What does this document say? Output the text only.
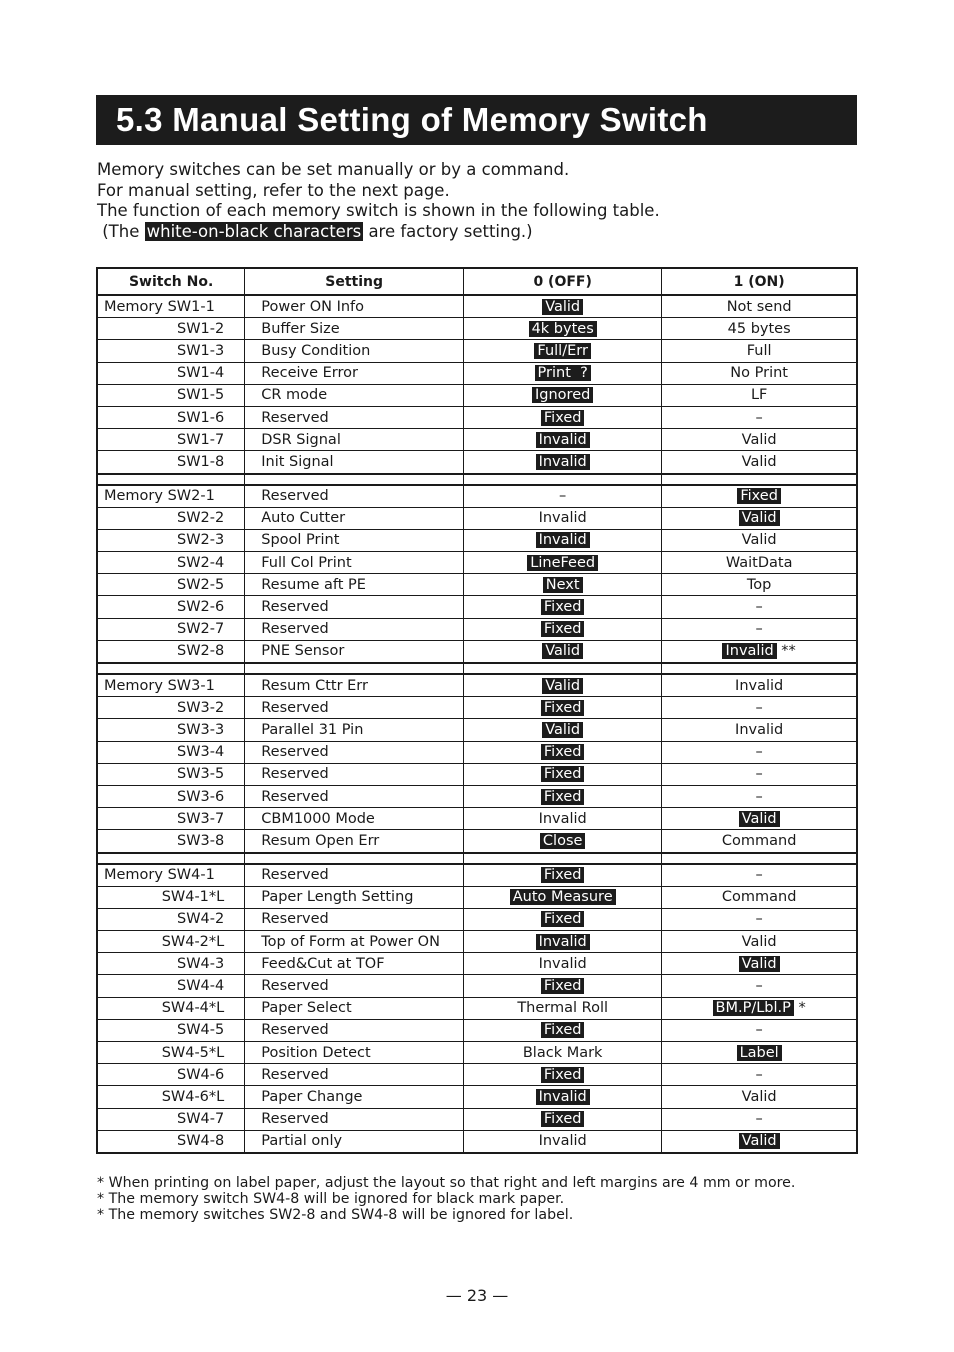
5.3 Manual Setting of Memory Switch
Memory switches can be set manually or by a command.
For manual setting, refer to the next page.
The function of each memory switch is shown in the following table.
(The white-on-black characters are factory setting.)
Switch No.	Setting	0 (OFF)	1 (ON)
Memory SW1-1	Power ON Info	Valid	Not send
SW1-2	Buffer Size	4k bytes	45 bytes
SW1-3	Busy Condition	Full/Err	Full
SW1-4	Receive Error	Print  ?	No Print
SW1-5	CR mode	Ignored	LF
SW1-6	Reserved	Fixed	–
SW1-7	DSR Signal	Invalid	Valid
SW1-8	Init Signal	Invalid	Valid

Memory SW2-1	Reserved	–	Fixed
SW2-2	Auto Cutter	Invalid	Valid
SW2-3	Spool Print	Invalid	Valid
SW2-4	Full Col Print	LineFeed	WaitData
SW2-5	Resume aft PE	Next	Top
SW2-6	Reserved	Fixed	–
SW2-7	Reserved	Fixed	–
SW2-8	PNE Sensor	Valid	Invalid **

Memory SW3-1	Resum Cttr Err	Valid	Invalid
SW3-2	Reserved	Fixed	–
SW3-3	Parallel 31 Pin	Valid	Invalid
SW3-4	Reserved	Fixed	–
SW3-5	Reserved	Fixed	–
SW3-6	Reserved	Fixed	–
SW3-7	CBM1000 Mode	Invalid	Valid
SW3-8	Resum Open Err	Close	Command

Memory SW4-1	Reserved	Fixed	–
SW4-1*L	Paper Length Setting	Auto Measure	Command
SW4-2	Reserved	Fixed	–
SW4-2*L	Top of Form at Power ON	Invalid	Valid
SW4-3	Feed&Cut at TOF	Invalid	Valid
SW4-4	Reserved	Fixed	–
SW4-4*L	Paper Select	Thermal Roll	BM.P/Lbl.P *
SW4-5	Reserved	Fixed	–
SW4-5*L	Position Detect	Black Mark	Label
SW4-6	Reserved	Fixed	–
SW4-6*L	Paper Change	Invalid	Valid
SW4-7	Reserved	Fixed	–
SW4-8	Partial only	Invalid	Valid
* When printing on label paper, adjust the layout so that right and left margins are 4 mm or more.
* The memory switch SW4-8 will be ignored for black mark paper.
* The memory switches SW2-8 and SW4-8 will be ignored for label.
— 23 —
